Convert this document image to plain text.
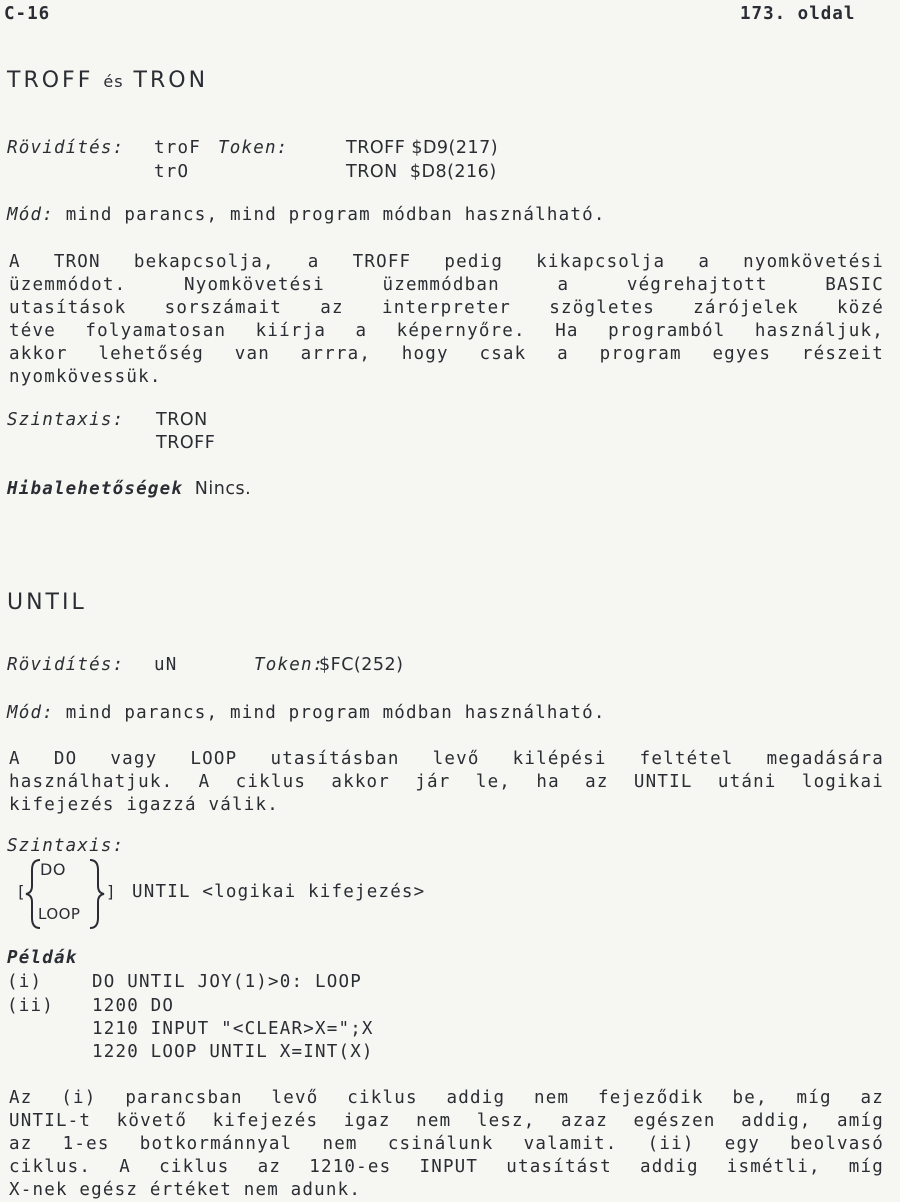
C-16	173. oldal
TROFF és TRON
Rövidítés: troF Token:	TROFF $D9(217)
trO	TRON  $D8(216)
Mód: mind parancs, mind program módban használható.
A TRON bekapcsolja, a TROFF pedig kikapcsolja a nyomkövetési
üzemmódot. Nyomkövetési üzemmódban a végrehajtott BASIC
utasítások sorszámait az interpreter szögletes zárójelek közé
téve folyamatosan kiírja a képernyőre. Ha programból használjuk,
akkor lehetőség van arrra, hogy csak a program egyes részeit
nyomkövessük.
Szintaxis: TRON
TROFF
Hibalehetőségek Nincs.
UNTIL
Rövidítés: uN	Token:
$FC(252)
Mód: mind parancs, mind program módban használható.
A DO vagy LOOP utasításban levő kilépési feltétel megadására
használhatjuk. A ciklus akkor jár le, ha az UNTIL utáni logikai
kifejezés igazzá válik.
Szintaxis:
DO
[	] UNTIL <logikai kifejezés>
LOOP
Példák
(i)	DO UNTIL JOY(1)>0: LOOP
(ii) 1200 DO
1210 INPUT "<CLEAR>X=";X
1220 LOOP UNTIL X=INT(X)
Az (i) parancsban levő ciklus addig nem fejeződik be, míg az
UNTIL-t követő kifejezés igaz nem lesz, azaz egészen addig, amíg
az 1-es botkormánnyal nem csinálunk valamit. (ii) egy beolvasó
ciklus. A ciklus az 1210-es INPUT utasítást addig ismétli, míg
X-nek egész értéket nem adunk.
